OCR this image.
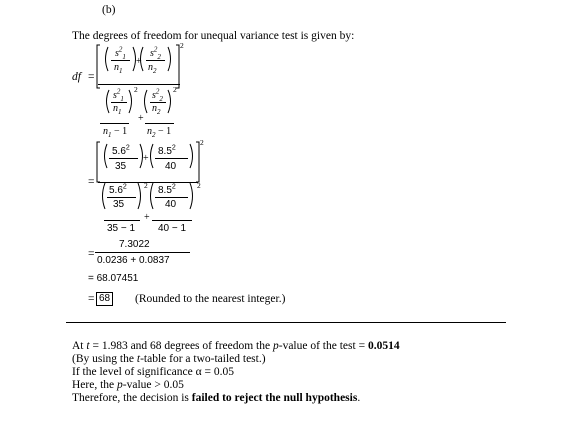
(b)
The degrees of freedom for unequal variance test is given by:
df =
$s^2_1$
$n_1$
+
$s^2_2$
$n_2$
2
$s^2_1$
$n_1$
2
$s^2_2$
$n_2$
2
+
$n_1 - 1$ $n_2 - 1$
=
$5.6^2$
35
+
$8.5^2$
40
2
$5.6^2$
35
2 $8.5^2$
40
2
+
35 − 1 40 − 1
=
7.3022
0.0236 + 0.0837
= 68.07451
= 68 (Rounded to the nearest integer.)
At t = 1.983 and 68 degrees of freedom the p-value of the test = 0.0514
(By using the t-table for a two-tailed test.)
If the level of significance α = 0.05
Here, the p-value > 0.05
Therefore, the decision is failed to reject the null hypothesis.
